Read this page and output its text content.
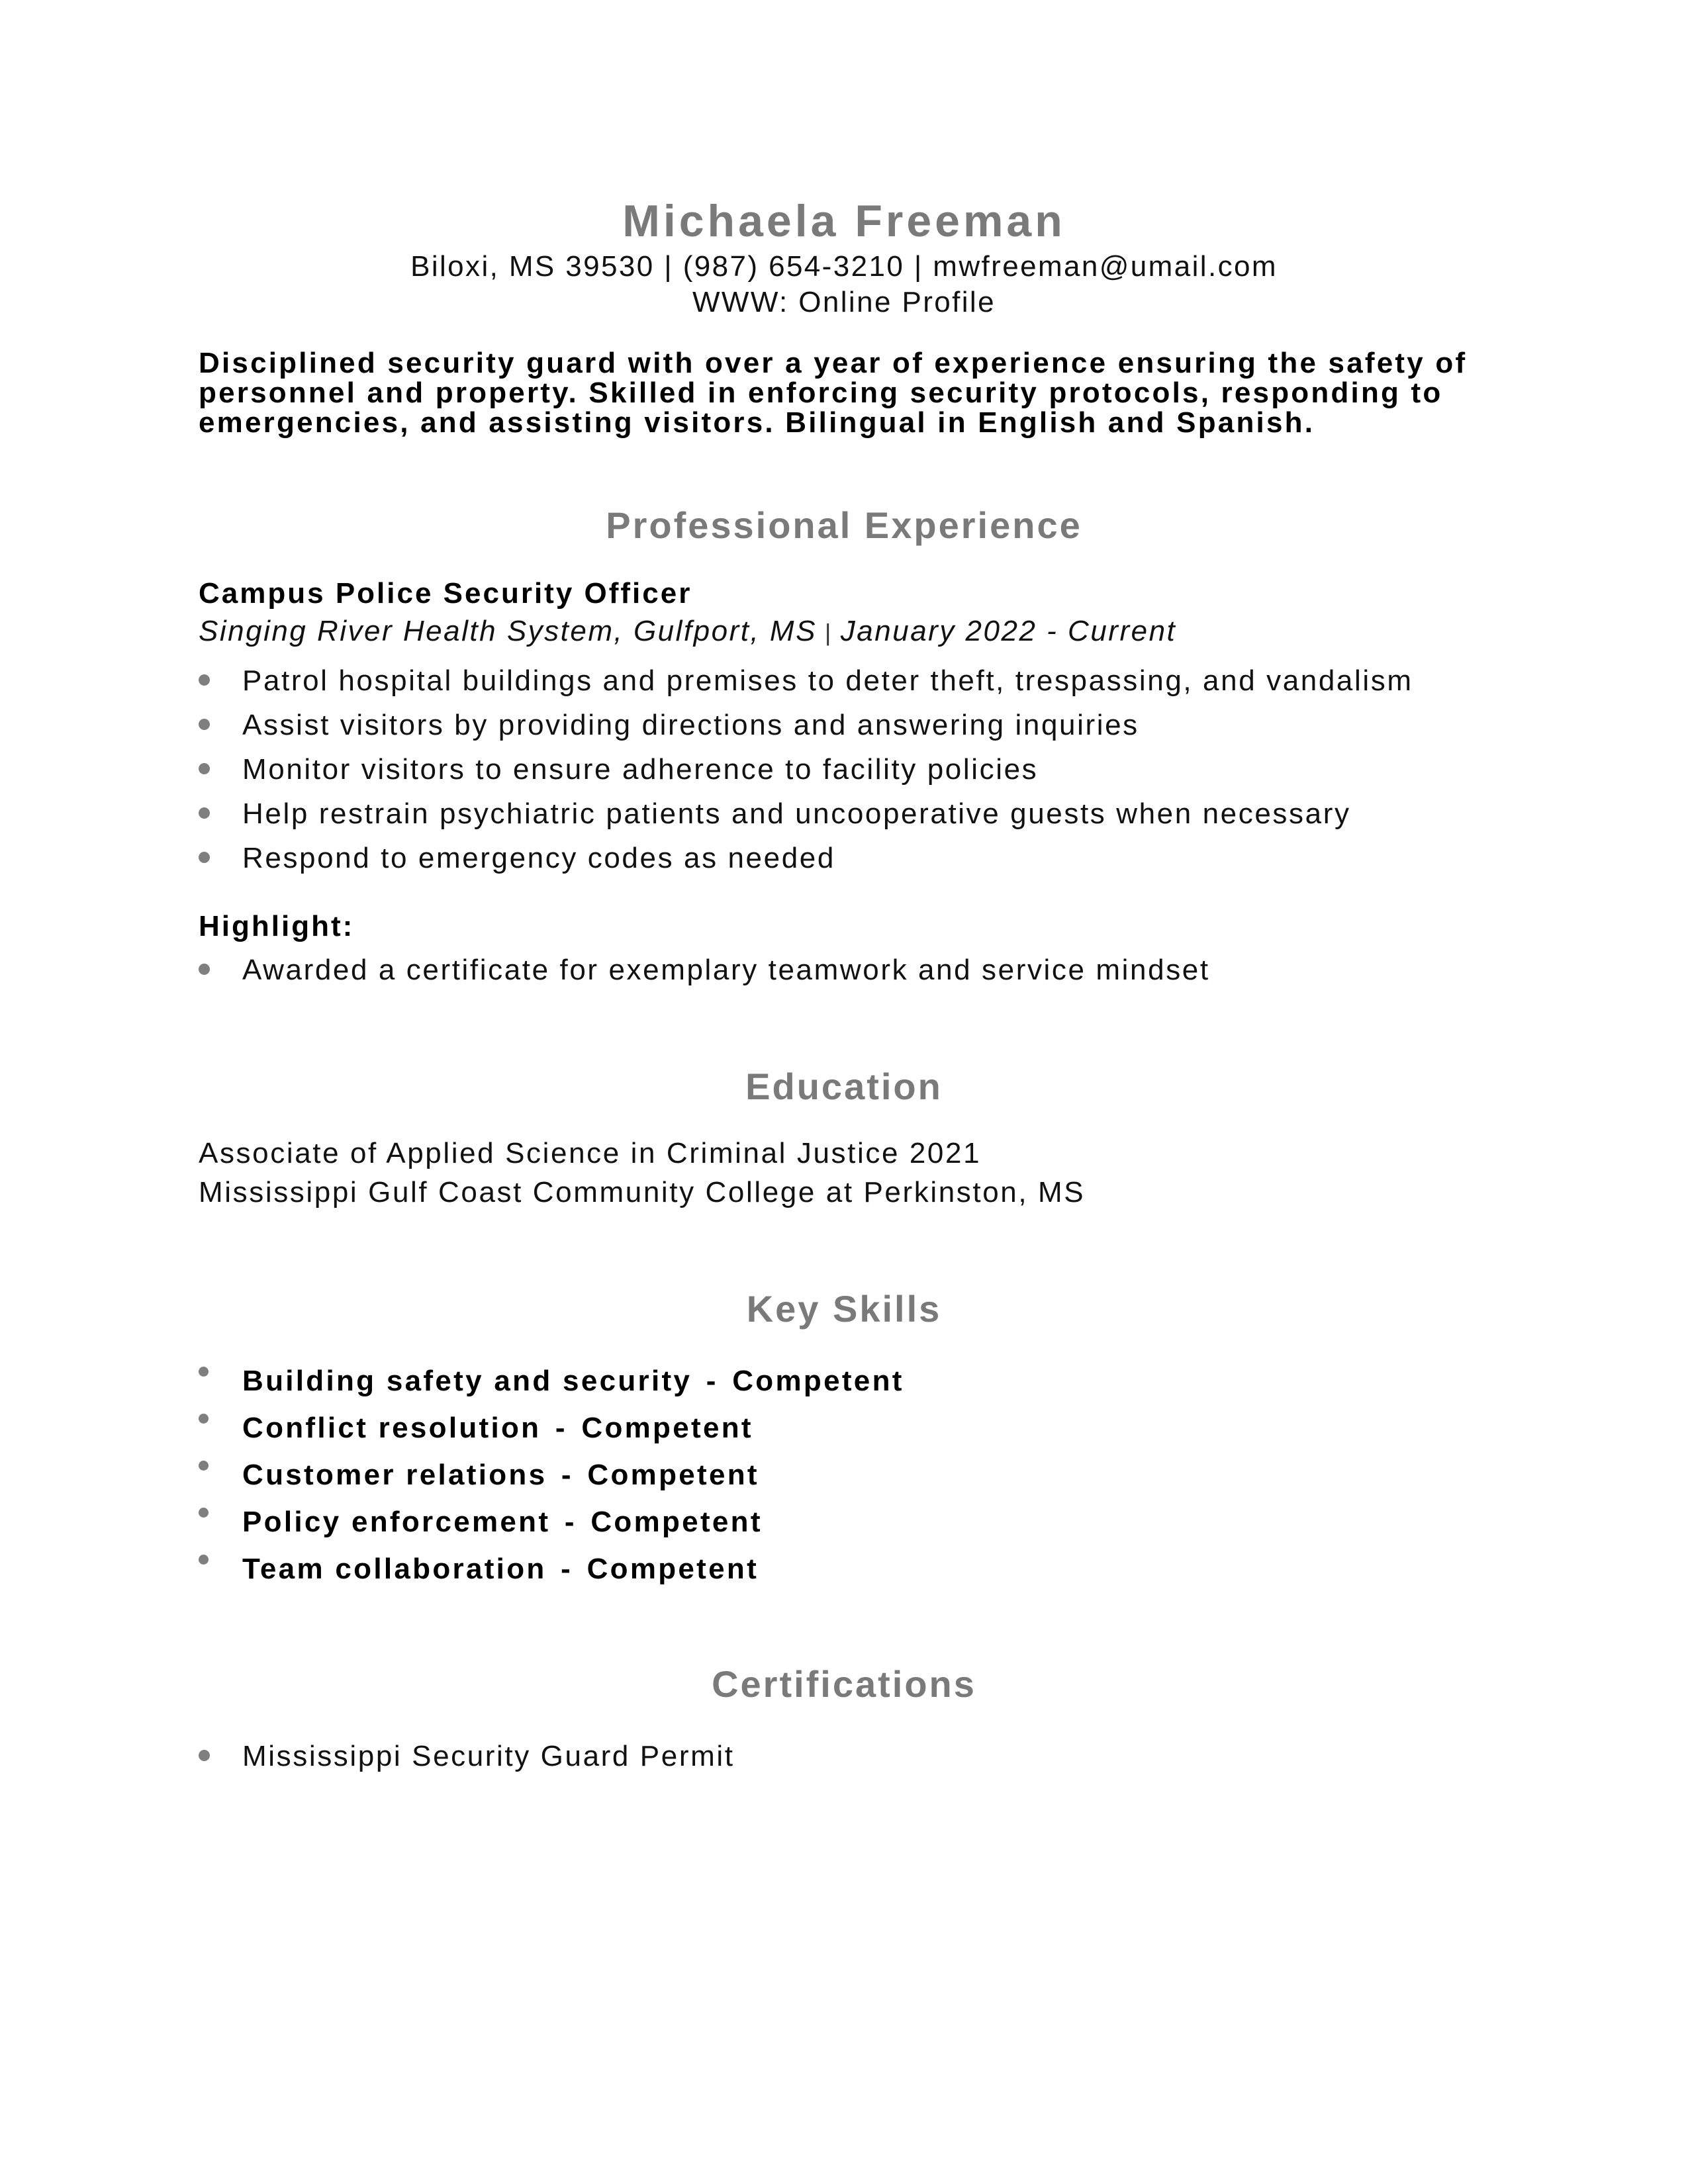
Michaela Freeman
Biloxi, MS 39530 | (987) 654-3210 | mwfreeman@umail.com
WWW: Online Profile
Disciplined security guard with over a year of experience ensuring the safety of personnel and property. Skilled in enforcing security protocols, responding to emergencies, and assisting visitors. Bilingual in English and Spanish.
Professional Experience
Campus Police Security Officer
Singing River Health System, Gulfport, MS | January 2022 - Current
Patrol hospital buildings and premises to deter theft, trespassing, and vandalism
Assist visitors by providing directions and answering inquiries
Monitor visitors to ensure adherence to facility policies
Help restrain psychiatric patients and uncooperative guests when necessary
Respond to emergency codes as needed
Highlight:
Awarded a certificate for exemplary teamwork and service mindset
Education
Associate of Applied Science in Criminal Justice 2021
Mississippi Gulf Coast Community College at Perkinston, MS
Key Skills
Building safety and security - Competent
Conflict resolution - Competent
Customer relations - Competent
Policy enforcement - Competent
Team collaboration - Competent
Certifications
Mississippi Security Guard Permit
